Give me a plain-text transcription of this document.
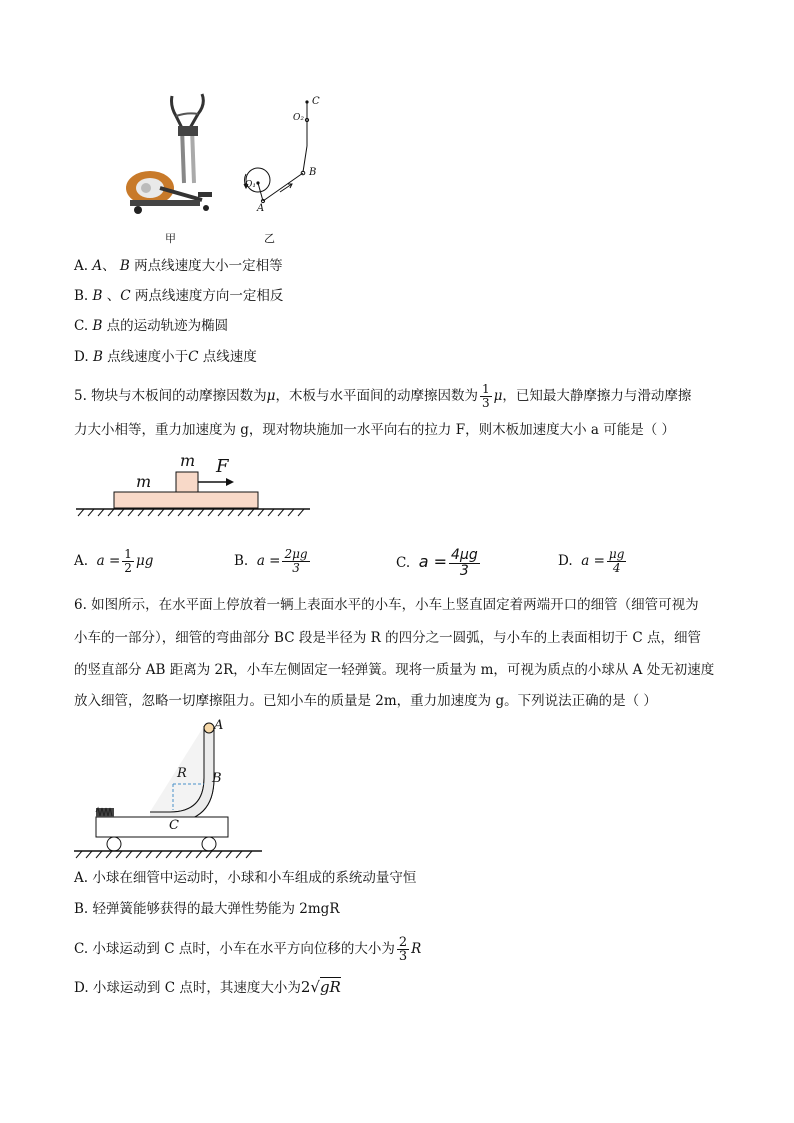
甲
C
O₂
B
O₁
A
乙
A. A、 B 两点线速度大小一定相等
B. B 、C 两点线速度方向一定相反
C. B 点的运动轨迹为椭圆
D. B 点线速度小于C 点线速度
5. 物块与木板间的动摩擦因数为μ，木板与水平面间的动摩擦因数为 $\frac{1}{3}$ μ，已知最大静摩擦力与滑动摩擦
力大小相等，重力加速度为 g，现对物块施加一水平向右的拉力 F，则木板加速度大小 a 可能是（ ）
m
m
F
A. $a = \frac{1}{2}$ μg	B. $a = \frac{2\mu g}{3}$	C. $a = \frac{4\mu g}{3}$	D. $a = \frac{\mu g}{4}$
6. 如图所示，在水平面上停放着一辆上表面水平的小车，小车上竖直固定着两端开口的细管（细管可视为
小车的一部分），细管的弯曲部分 BC 段是半径为 R 的四分之一圆弧，与小车的上表面相切于 C 点，细管
的竖直部分 AB 距离为 2R，小车左侧固定一轻弹簧。现将一质量为 m，可视为质点的小球从 A 处无初速度
放入细管，忽略一切摩擦阻力。已知小车的质量是 2m，重力加速度为 g。下列说法正确的是（ ）
A
R B
C
A. 小球在细管中运动时，小球和小车组成的系统动量守恒
B. 轻弹簧能够获得的最大弹性势能为 2mgR
C. 小球运动到 C 点时，小车在水平方向位移的大小为 $\frac{2}{3}$ R
D. 小球运动到 C 点时，其速度大小为2√gR
